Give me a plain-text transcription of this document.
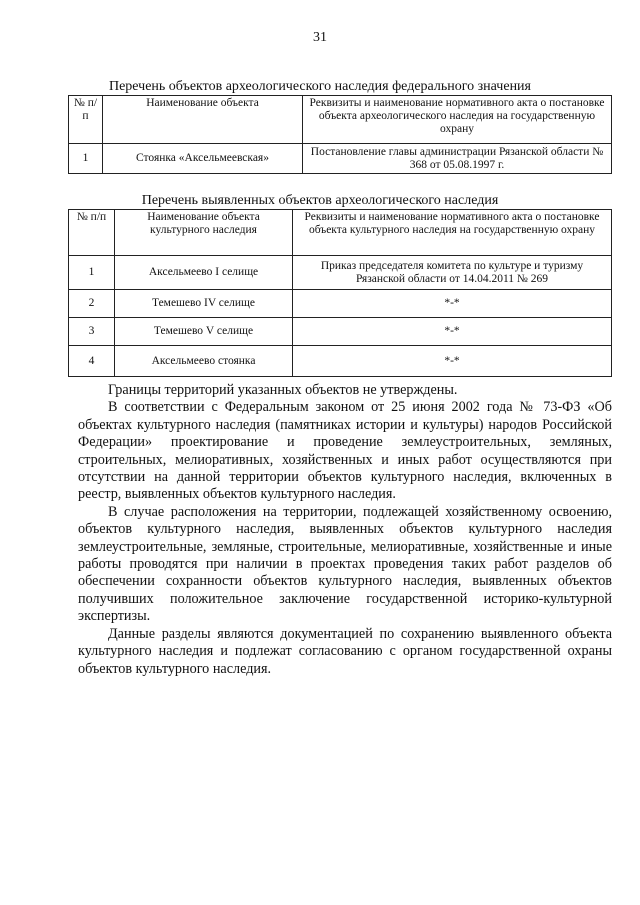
31
Перечень объектов археологического наследия федерального значения
№ п/п	Наименование объекта	Реквизиты и наименование нормативного акта о постановке объекта археологического наследия на государственную охрану
1	Стоянка «Аксельмеевская»	Постановление главы администрации Рязанской области № 368 от 05.08.1997 г.
Перечень выявленных объектов археологического наследия
№ п/п	Наименование объекта культурного наследия	Реквизиты и наименование нормативного акта о постановке объекта культурного наследия на государственную охрану
1	Аксельмеево I селище	Приказ председателя комитета по культуре и туризму Рязанской области от 14.04.2011 № 269
2	Темешево IV селище	*-*
3	Темешево V селище	*-*
4	Аксельмеево стоянка	*-*

Границы территорий указанных объектов не утверждены.

В соответствии с Федеральным законом от 25 июня 2002 года № 73-ФЗ «Об объектах культурного наследия (памятниках истории и культуры) народов Российской Федерации» проектирование и проведение землеустроительных, земляных, строительных, мелиоративных, хозяйственных и иных работ осуществляются при отсутствии на данной территории объектов культурного наследия, включенных в реестр, выявленных объектов культурного наследия.

В случае расположения на территории, подлежащей хозяйственному освоению, объектов культурного наследия, выявленных объектов культурного наследия землеустроительные, земляные, строительные, мелиоративные, хозяйственные и иные работы проводятся при наличии в проектах проведения таких работ разделов об обеспечении сохранности объектов культурного наследия, выявленных объектов получивших положительное заключение государственной историко-культурной экспертизы.

Данные разделы являются документацией по сохранению выявленного объекта культурного наследия и подлежат согласованию с органом государственной охраны объектов культурного наследия.
